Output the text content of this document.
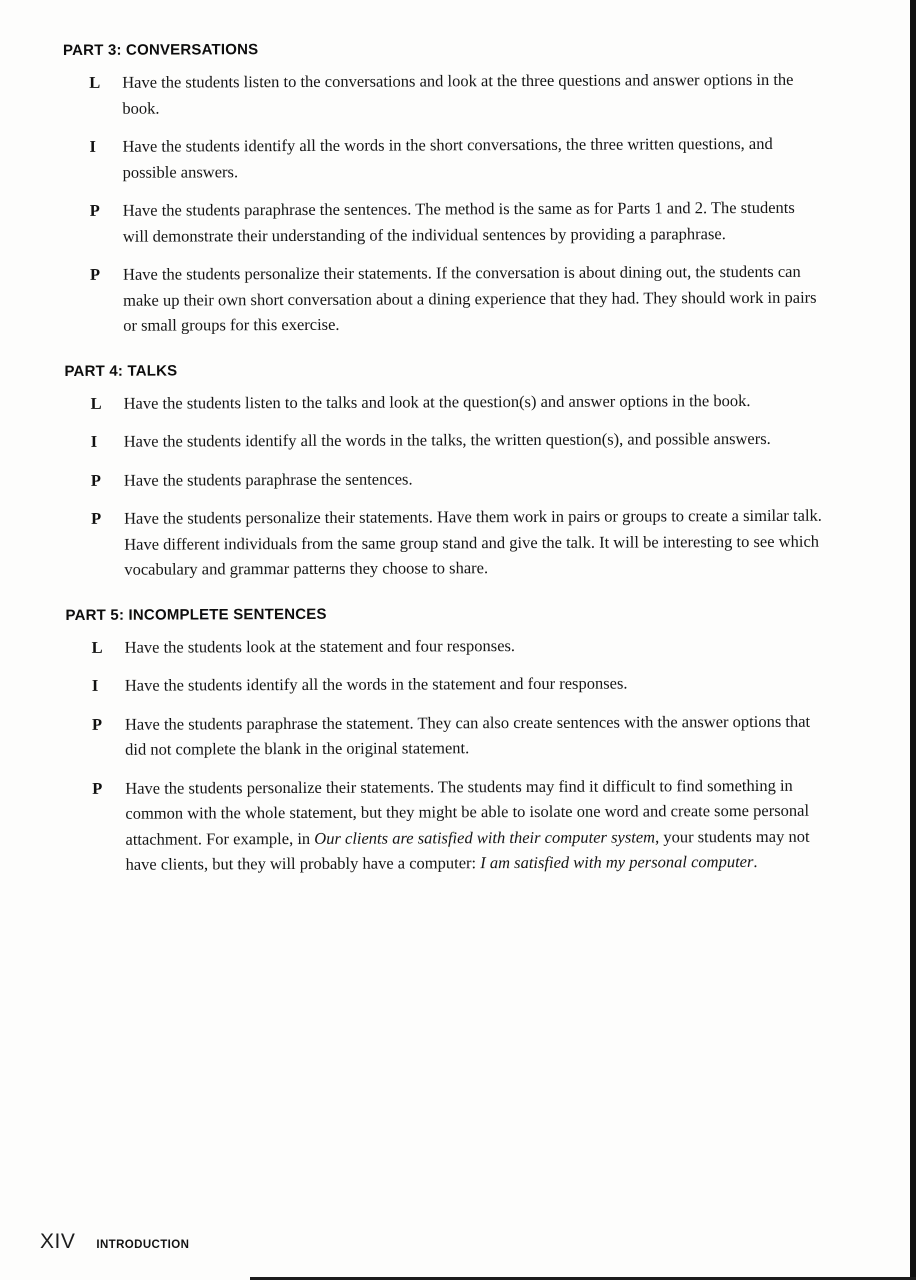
PART 3: CONVERSATIONS
L	Have the students listen to the conversations and look at the three questions and answer options in the book.

I	Have the students identify all the words in the short conversations, the three written questions, and possible answers.

P	Have the students paraphrase the sentences. The method is the same as for Parts 1 and 2. The students will demonstrate their understanding of the individual sentences by providing a paraphrase.

P	Have the students personalize their statements. If the conversation is about dining out, the students can make up their own short conversation about a dining experience that they had. They should work in pairs or small groups for this exercise.

PART 4: TALKS
L	Have the students listen to the talks and look at the question(s) and answer options in the book.

I	Have the students identify all the words in the talks, the written question(s), and possible answers.

P	Have the students paraphrase the sentences.

P	Have the students personalize their statements. Have them work in pairs or groups to create a similar talk. Have different individuals from the same group stand and give the talk. It will be interesting to see which vocabulary and grammar patterns they choose to share.

PART 5: INCOMPLETE SENTENCES
L	Have the students look at the statement and four responses.

I	Have the students identify all the words in the statement and four responses.

P	Have the students paraphrase the statement. They can also create sentences with the answer options that did not complete the blank in the original statement.

P	Have the students personalize their statements. The students may find it difficult to find something in common with the whole statement, but they might be able to isolate one word and create some personal attachment. For example, in Our clients are satisfied with their computer system, your students may not have clients, but they will probably have a computer: I am satisfied with my personal computer.

XIV INTRODUCTION
